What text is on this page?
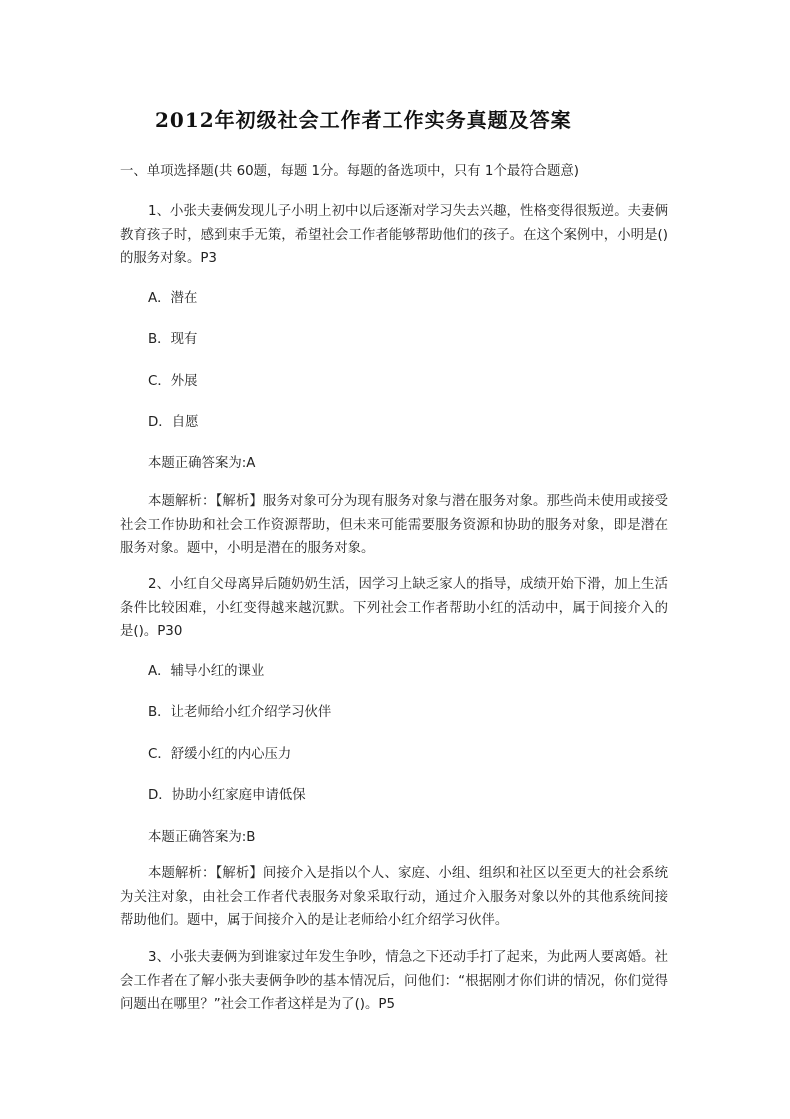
2012年初级社会工作者工作实务真题及答案
一、单项选择题(共 60题，每题 1分。每题的备选项中，只有 1个最符合题意)

1、小张夫妻俩发现儿子小明上初中以后逐渐对学习失去兴趣，性格变得很叛逆。夫妻俩教育孩子时，感到束手无策，希望社会工作者能够帮助他们的孩子。在这个案例中，小明是()的服务对象。P3

A．潜在
B．现有
C．外展
D．自愿
本题正确答案为:A

本题解析：【解析】服务对象可分为现有服务对象与潜在服务对象。那些尚未使用或接受社会工作协助和社会工作资源帮助，但未来可能需要服务资源和协助的服务对象，即是潜在服务对象。题中，小明是潜在的服务对象。

2、小红自父母离异后随奶奶生活，因学习上缺乏家人的指导，成绩开始下滑，加上生活条件比较困难，小红变得越来越沉默。下列社会工作者帮助小红的活动中，属于间接介入的是()。P30

A．辅导小红的课业
B．让老师给小红介绍学习伙伴
C．舒缓小红的内心压力
D．协助小红家庭申请低保
本题正确答案为:B

本题解析：【解析】间接介入是指以个人、家庭、小组、组织和社区以至更大的社会系统为关注对象，由社会工作者代表服务对象采取行动，通过介入服务对象以外的其他系统间接帮助他们。题中，属于间接介入的是让老师给小红介绍学习伙伴。

3、小张夫妻俩为到谁家过年发生争吵，情急之下还动手打了起来，为此两人要离婚。社会工作者在了解小张夫妻俩争吵的基本情况后，问他们：“根据刚才你们讲的情况，你们觉得问题出在哪里？”社会工作者这样是为了()。P5
